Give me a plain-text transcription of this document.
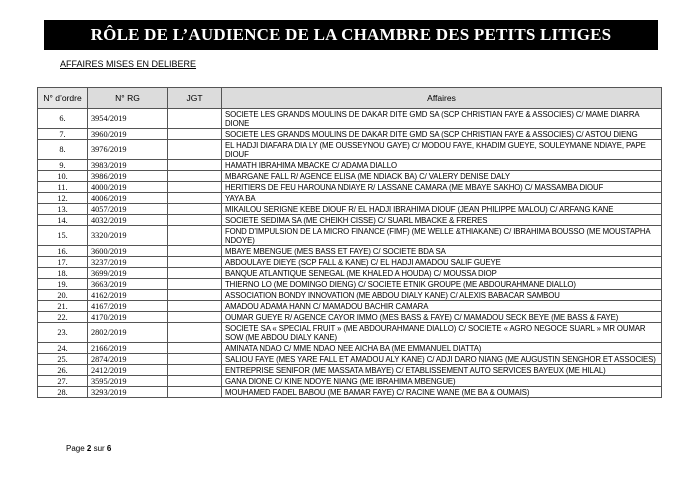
RÔLE DE L’AUDIENCE DE LA CHAMBRE DES PETITS LITIGES
AFFAIRES MISES EN DELIBERE
N° d’ordre	N° RG	JGT	Affaires
6.	3954/2019		SOCIETE LES GRANDS MOULINS DE DAKAR DITE GMD SA (SCP CHRISTIAN FAYE & ASSOCIES) C/ MAME DIARRA DIONE
7.	3960/2019		SOCIETE LES GRANDS MOULINS DE DAKAR DITE GMD SA (SCP CHRISTIAN FAYE & ASSOCIES) C/ ASTOU DIENG
8.	3976/2019		EL HADJI DIAFARA DIA LY (ME OUSSEYNOU GAYE) C/ MODOU FAYE, KHADIM GUEYE, SOULEYMANE NDIAYE, PAPE DIOUF
9.	3983/2019		HAMATH IBRAHIMA MBACKE C/ ADAMA DIALLO
10.	3986/2019		MBARGANE FALL R/ AGENCE ELISA (ME NDIACK BA) C/ VALERY DENISE DALY
11.	4000/2019		HERITIERS DE FEU HAROUNA NDIAYE R/ LASSANE CAMARA (ME MBAYE SAKHO) C/ MASSAMBA DIOUF
12.	4006/2019		YAYA BA
13.	4057/2019		MIKAILOU SERIGNE KEBE DIOUF R/ EL HADJI IBRAHIMA DIOUF (JEAN PHILIPPE MALOU) C/ ARFANG KANE
14.	4032/2019		SOCIETE SEDIMA SA (ME CHEIKH CISSE) C/ SUARL MBACKE & FRERES
15.	3320/2019		FOND D’IMPULSION DE LA MICRO FINANCE (FIMF) (ME WELLE &THIAKANE) C/ IBRAHIMA BOUSSO (ME MOUSTAPHA NDOYE)
16.	3600/2019		MBAYE MBENGUE (MES BASS ET FAYE) C/ SOCIETE BDA SA
17.	3237/2019		ABDOULAYE DIEYE (SCP FALL & KANE) C/ EL HADJI AMADOU SALIF GUEYE
18.	3699/2019		BANQUE ATLANTIQUE SENEGAL (ME KHALED A HOUDA) C/ MOUSSA DIOP
19.	3663/2019		THIERNO LO (ME DOMINGO DIENG) C/ SOCIETE ETNIK GROUPE (ME ABDOURAHMANE DIALLO)
20.	4162/2019		ASSOCIATION BONDY INNOVATION (ME ABDOU DIALY KANE) C/ ALEXIS BABACAR SAMBOU
21.	4167/2019		AMADOU ADAMA HANN C/ MAMADOU BACHIR CAMARA
22.	4170/2019		OUMAR GUEYE R/ AGENCE CAYOR IMMO (MES BASS & FAYE) C/ MAMADOU SECK BEYE (ME BASS & FAYE)
23.	2802/2019		SOCIETE SA « SPECIAL FRUIT » (ME ABDOURAHMANE DIALLO) C/ SOCIETE « AGRO NEGOCE SUARL » MR OUMAR SOW (ME ABDOU DIALY KANE)
24.	2166/2019		AMINATA NDAO C/ MME NDAO NEE AICHA BA (ME EMMANUEL DIATTA)
25.	2874/2019		SALIOU FAYE (MES YARE FALL ET AMADOU ALY KANE) C/ ADJI DARO NIANG (ME AUGUSTIN SENGHOR ET ASSOCIES)
26.	2412/2019		ENTREPRISE SENIFOR (ME MASSATA MBAYE) C/ ETABLISSEMENT AUTO SERVICES BAYEUX (ME HILAL)
27.	3595/2019		GANA DIONE C/ KINE NDOYE NIANG (ME IBRAHIMA MBENGUE)
28.	3293/2019		MOUHAMED FADEL BABOU (ME BAMAR FAYE) C/ RACINE WANE (ME BA & OUMAIS)
Page 2 sur 6
